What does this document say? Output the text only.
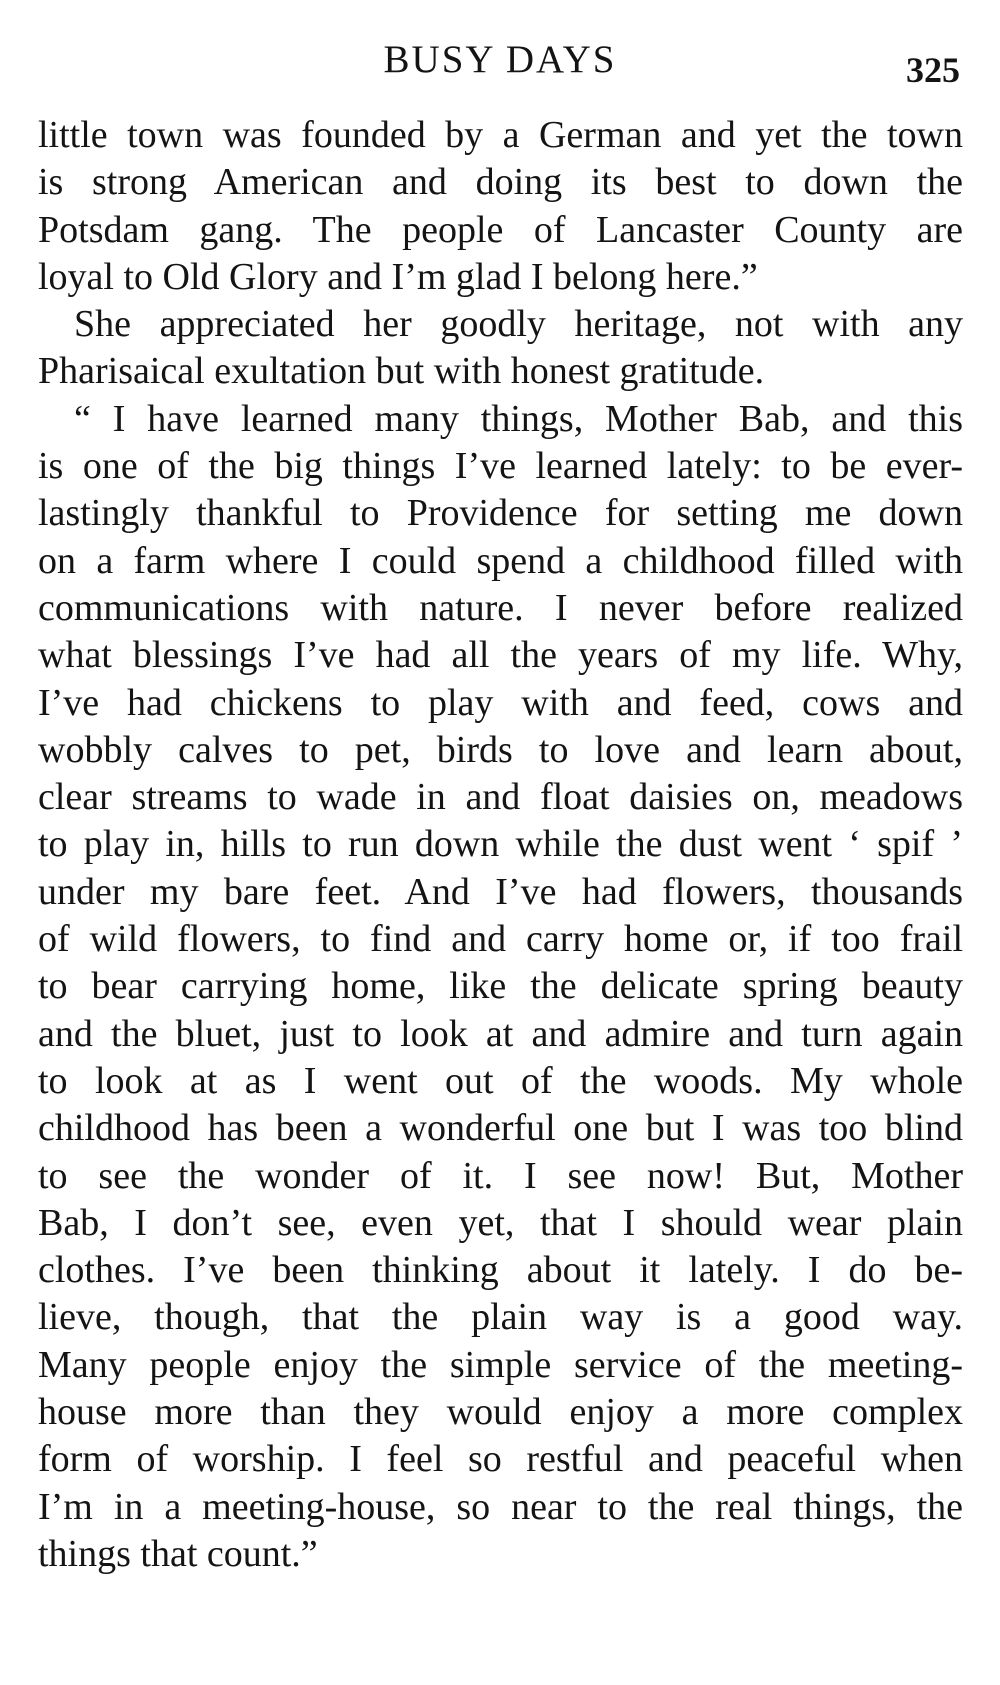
BUSY DAYS	325
little town was founded by a German and yet the town
is strong American and doing its best to down the
Potsdam gang. The people of Lancaster County are
loyal to Old Glory and I’m glad I belong here.”
She appreciated her goodly heritage, not with any
Pharisaical exultation but with honest gratitude.
“ I have learned many things, Mother Bab, and this
is one of the big things I’ve learned lately: to be ever-
lastingly thankful to Providence for setting me down
on a farm where I could spend a childhood filled with
communications with nature. I never before realized
what blessings I’ve had all the years of my life. Why,
I’ve had chickens to play with and feed, cows and
wobbly calves to pet, birds to love and learn about,
clear streams to wade in and float daisies on, meadows
to play in, hills to run down while the dust went ‘ spif ’
under my bare feet. And I’ve had flowers, thousands
of wild flowers, to find and carry home or, if too frail
to bear carrying home, like the delicate spring beauty
and the bluet, just to look at and admire and turn again
to look at as I went out of the woods. My whole
childhood has been a wonderful one but I was too blind
to see the wonder of it. I see now! But, Mother
Bab, I don’t see, even yet, that I should wear plain
clothes. I’ve been thinking about it lately. I do be-
lieve, though, that the plain way is a good way.
Many people enjoy the simple service of the meeting-
house more than they would enjoy a more complex
form of worship. I feel so restful and peaceful when
I’m in a meeting-house, so near to the real things, the
things that count.”
